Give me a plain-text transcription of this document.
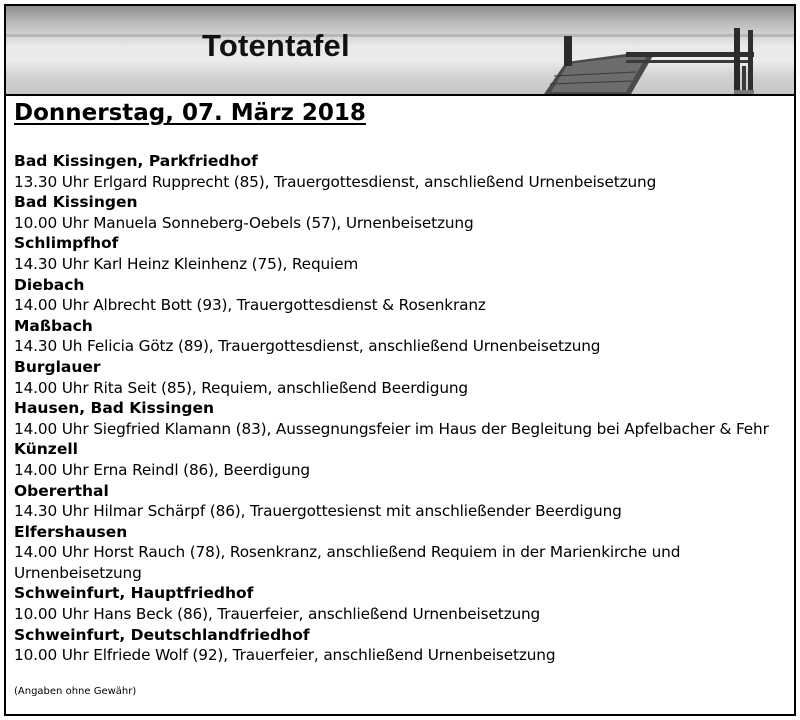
Totentafel
Donnerstag, 07. März 2018
Bad Kissingen, Parkfriedhof
13.30 Uhr Erlgard Rupprecht (85), Trauergottesdienst, anschließend Urnenbeisetzung
Bad Kissingen
10.00 Uhr Manuela Sonneberg-Oebels (57), Urnenbeisetzung
Schlimpfhof
14.30 Uhr Karl Heinz Kleinhenz (75), Requiem
Diebach
14.00 Uhr Albrecht Bott (93), Trauergottesdienst & Rosenkranz
Maßbach
14.30 Uh Felicia Götz (89), Trauergottesdienst, anschließend Urnenbeisetzung
Burglauer
14.00 Uhr Rita Seit (85), Requiem, anschließend Beerdigung
Hausen, Bad Kissingen
14.00 Uhr Siegfried Klamann (83), Aussegnungsfeier im Haus der Begleitung bei Apfelbacher & Fehr
Künzell
14.00 Uhr Erna Reindl (86), Beerdigung
Obererthal
14.30 Uhr Hilmar Schärpf (86), Trauergottesienst mit anschließender Beerdigung
Elfershausen
14.00 Uhr Horst Rauch (78), Rosenkranz, anschließend Requiem in der Marienkirche und Urnenbeisetzung
Schweinfurt, Hauptfriedhof
10.00 Uhr Hans Beck (86), Trauerfeier, anschließend Urnenbeisetzung
Schweinfurt, Deutschlandfriedhof
10.00 Uhr Elfriede Wolf (92), Trauerfeier, anschließend Urnenbeisetzung
(Angaben ohne Gewähr)
